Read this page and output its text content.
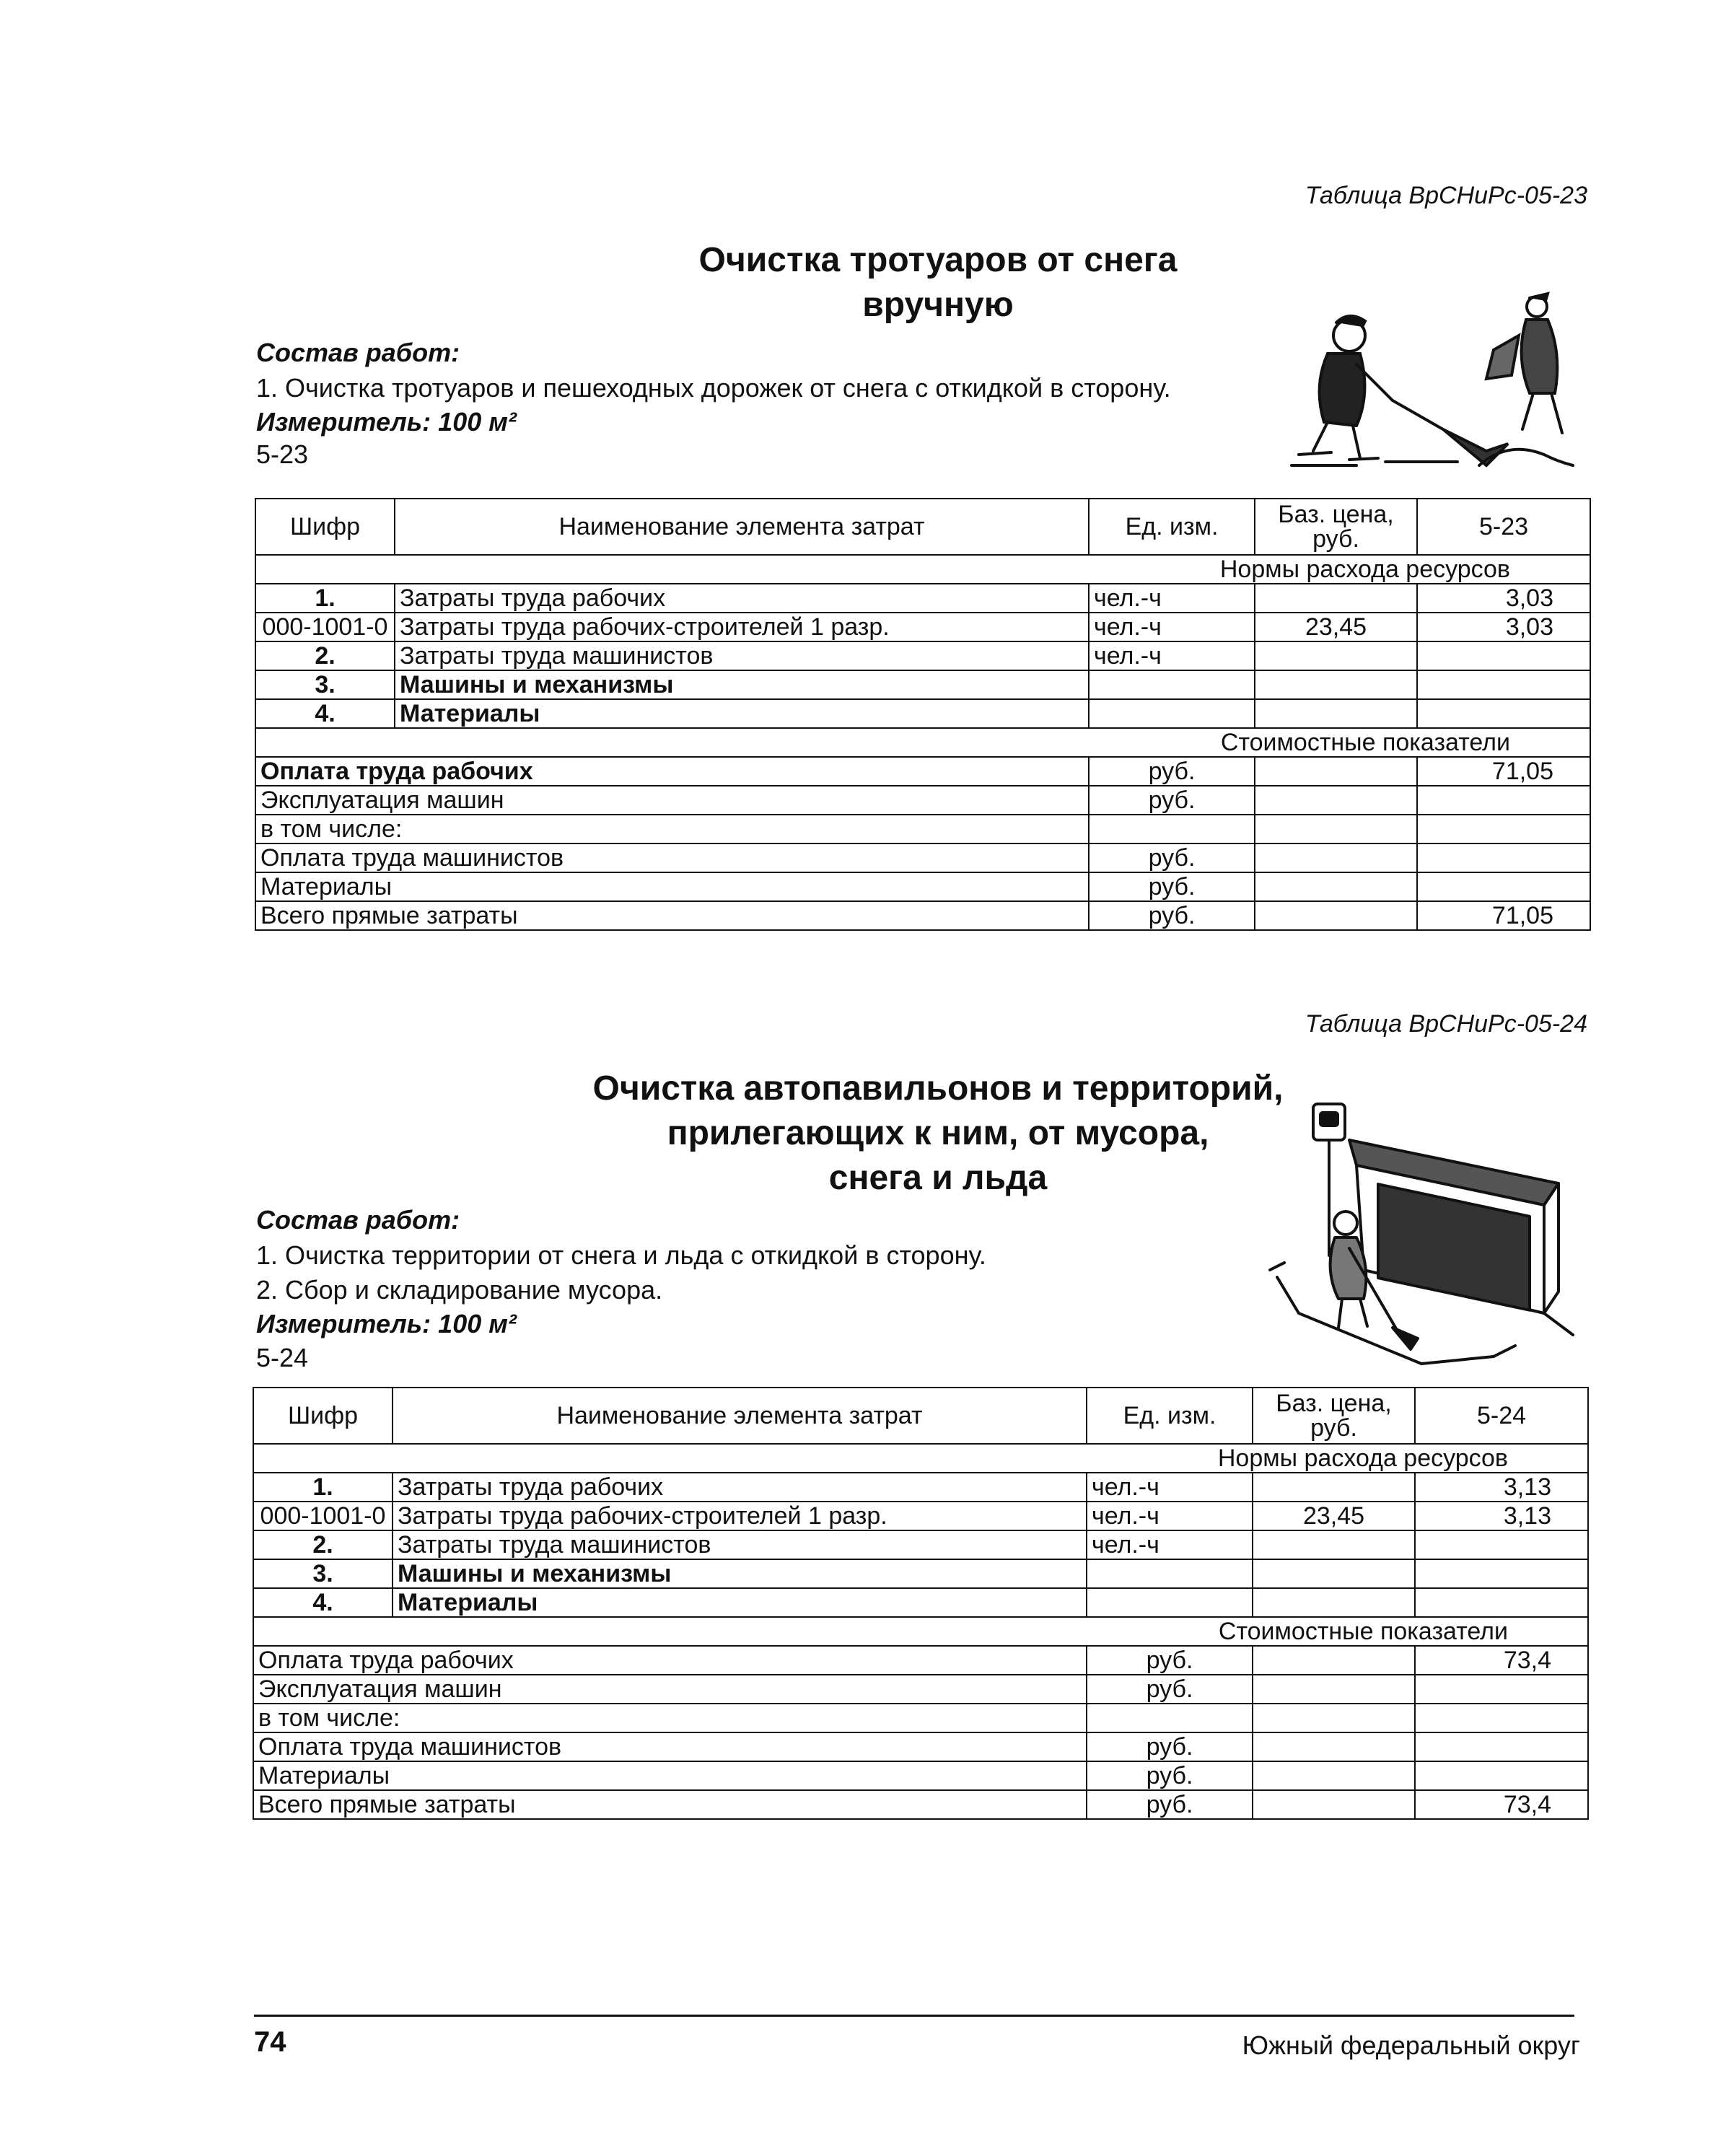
Таблица ВрСНиРс-05-23
Очистка тротуаров от снега
вручную
Состав работ:
1. Очистка тротуаров и пешеходных дорожек от снега с откидкой в сторону.
Измеритель: 100 м²
5-23
Шифр	Наименование элемента затрат	Ед. изм.	Баз. цена, руб.	5-23
Нормы расхода ресурсов				
1.	Затраты труда рабочих	чел.-ч		3,03
000-1001-0	Затраты труда рабочих-строителей 1 разр.	чел.-ч	23,45	3,03
2.	Затраты труда машинистов	чел.-ч		
3.	Машины и механизмы			
4.	Материалы			
Стоимостные показатели				
Оплата труда рабочих		руб.		71,05
Эксплуатация машин		руб.		
в том числе:				
Оплата труда машинистов		руб.		
Материалы		руб.		
Всего прямые затраты		руб.		71,05
Таблица ВрСНиРс-05-24
Очистка автопавильонов и территорий,
прилегающих к ним, от мусора,
снега и льда
Состав работ:
1. Очистка территории от снега и льда с откидкой в сторону.
2. Сбор и складирование мусора.
Измеритель: 100 м²
5-24
Шифр	Наименование элемента затрат	Ед. изм.	Баз. цена, руб.	5-24
Нормы расхода ресурсов				
1.	Затраты труда рабочих	чел.-ч		3,13
000-1001-0	Затраты труда рабочих-строителей 1 разр.	чел.-ч	23,45	3,13
2.	Затраты труда машинистов	чел.-ч		
3.	Машины и механизмы			
4.	Материалы			
Стоимостные показатели				
Оплата труда рабочих		руб.		73,4
Эксплуатация машин		руб.		
в том числе:				
Оплата труда машинистов		руб.		
Материалы		руб.		
Всего прямые затраты		руб.		73,4
74	Южный федеральный округ
